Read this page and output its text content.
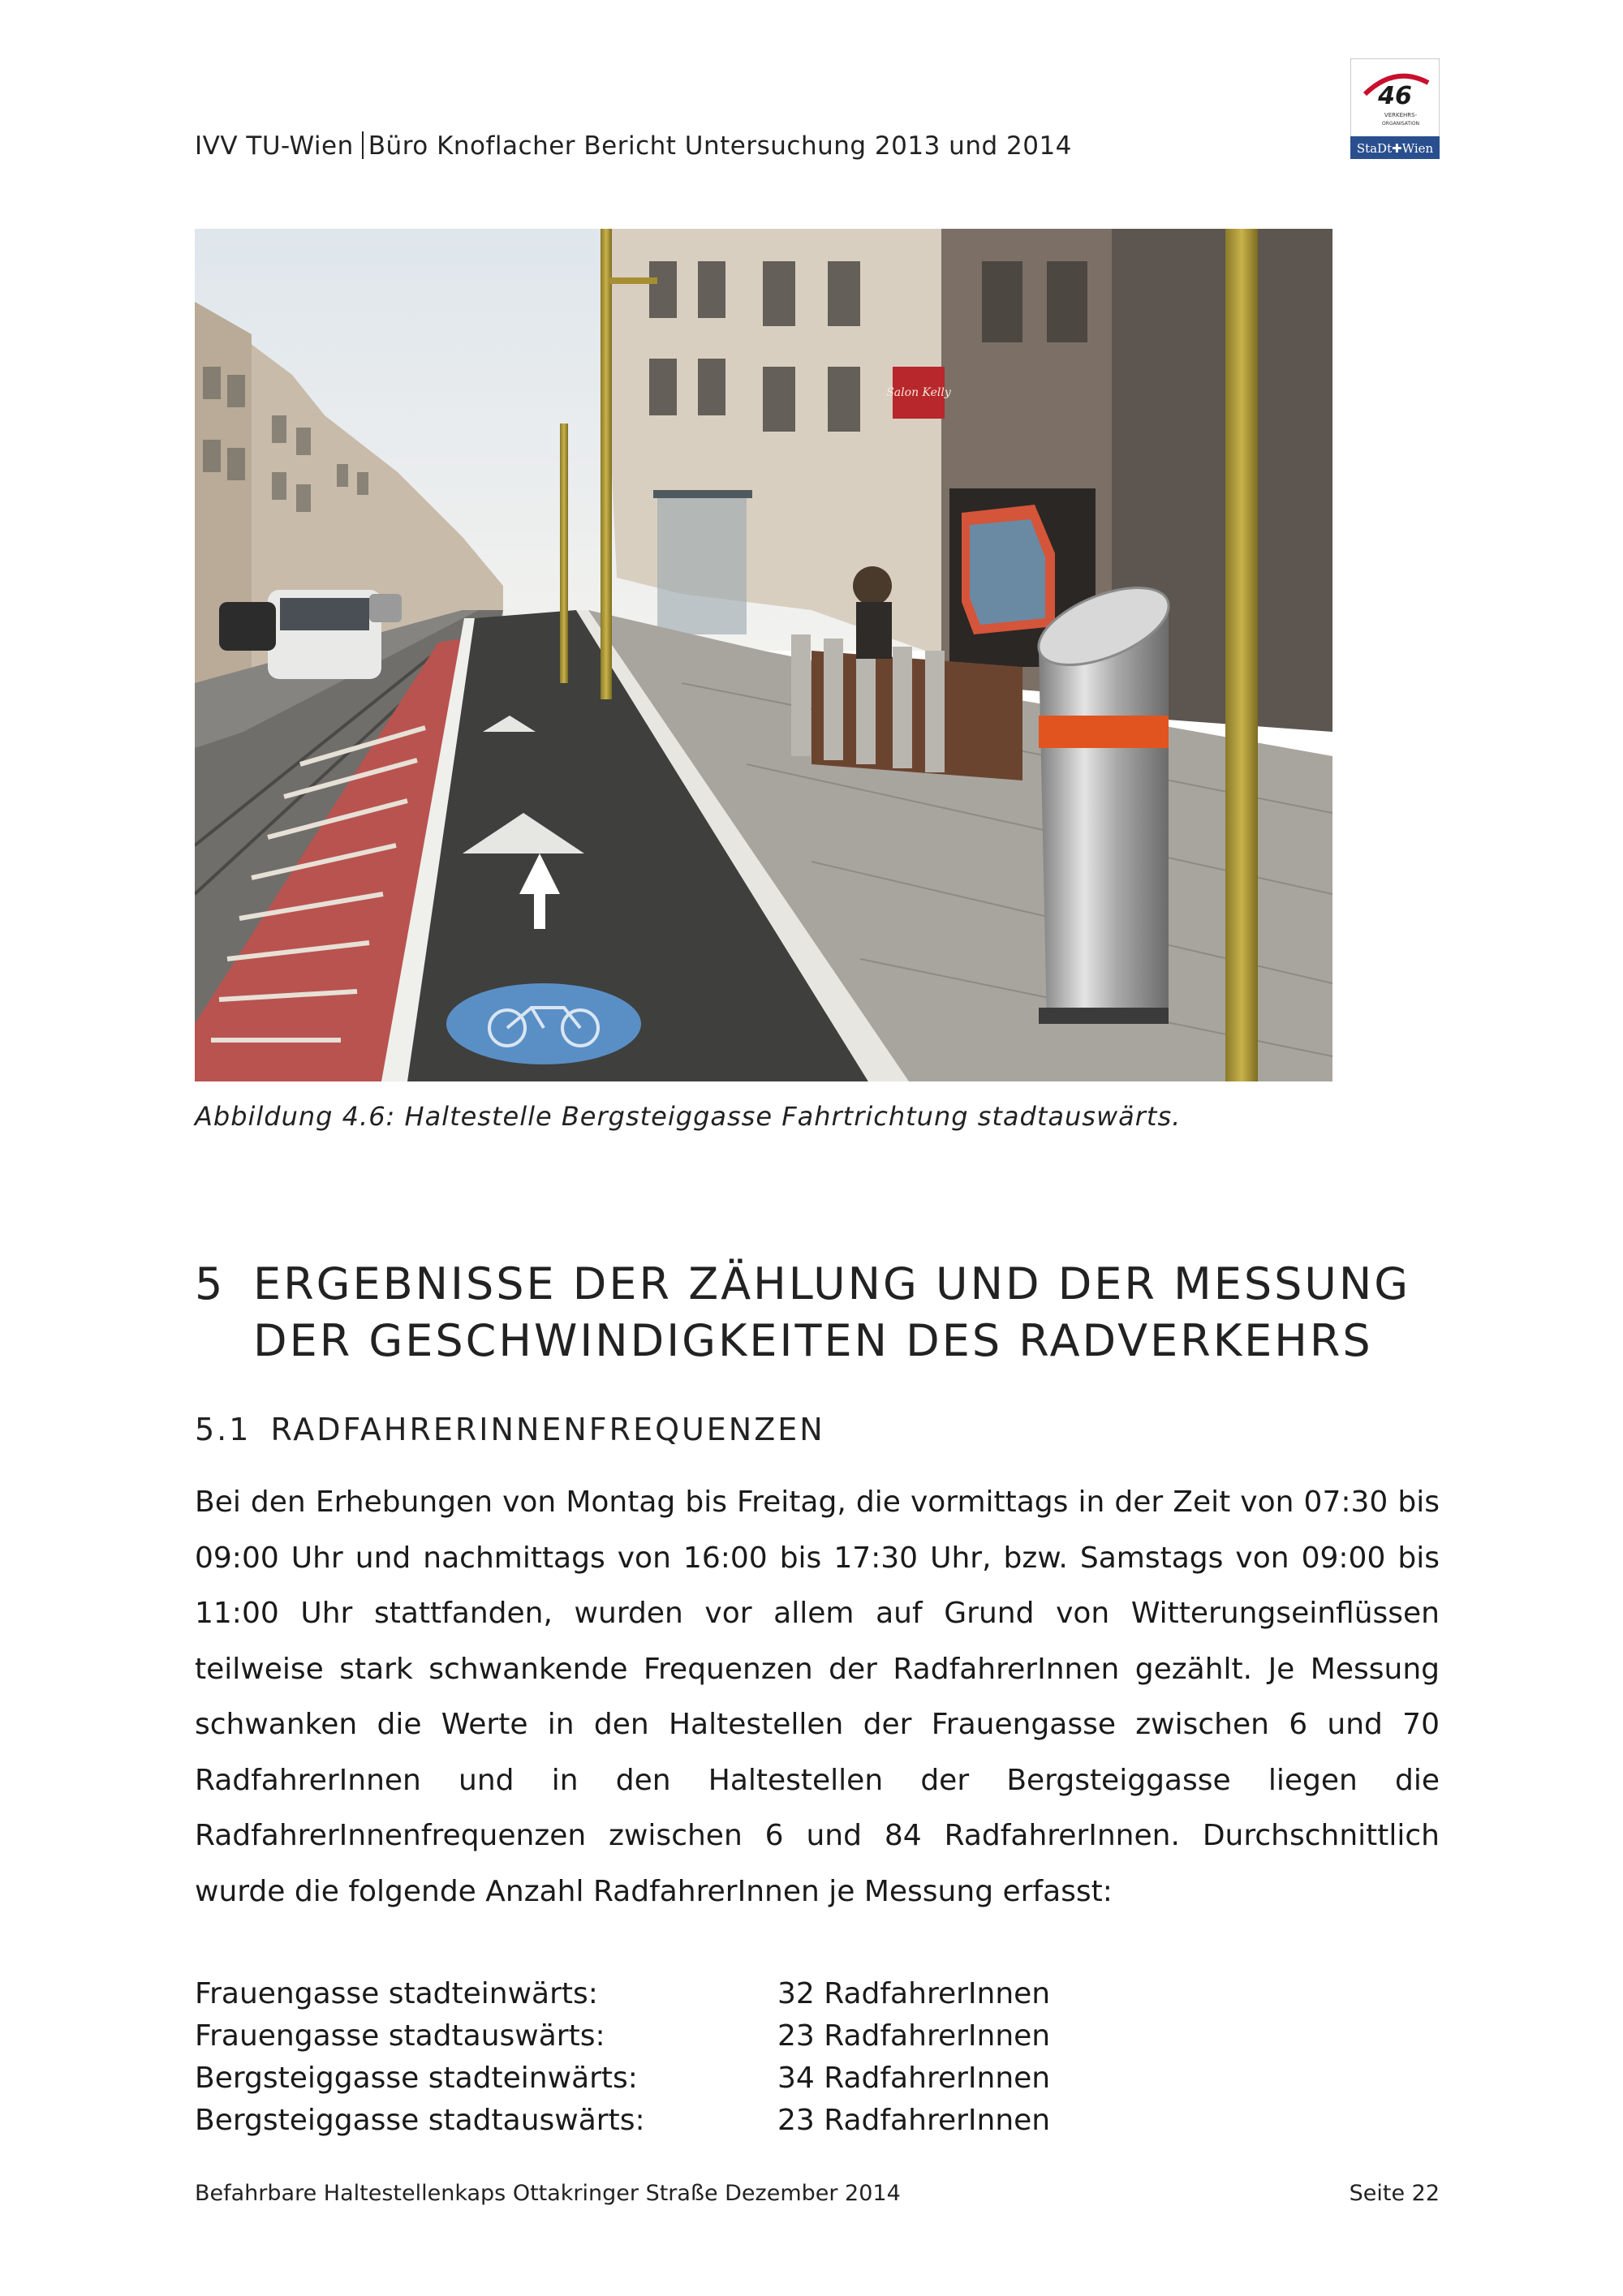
IVV TU-Wien Büro Knoflacher Bericht Untersuchung 2013 und 2014
46
VERKEHRS-
ORGANISATION
StaDt✚Wien
Salon Kelly
Abbildung 4.6: Haltestelle Bergsteiggasse Fahrtrichtung stadtauswärts.
5 ERGEBNISSE DER ZÄHLUNG UND DER MESSUNG DER GESCHWINDIGKEITEN DES RADVERKEHRS
5.1 RADFAHRERINNENFREQUENZEN
Bei den Erhebungen von Montag bis Freitag, die vormittags in der Zeit von 07:30 bis 09:00 Uhr und nachmittags von 16:00 bis 17:30 Uhr, bzw. Samstags von 09:00 bis 11:00 Uhr stattfanden, wurden vor allem auf Grund von Witterungseinflüssen teilweise stark schwankende Frequenzen der RadfahrerInnen gezählt. Je Messung schwanken die Werte in den Haltestellen der Frauengasse zwischen 6 und 70 RadfahrerInnen und in den Haltestellen der Bergsteiggasse liegen die RadfahrerInnenfrequenzen zwischen 6 und 84 RadfahrerInnen. Durchschnittlich wurde die folgende Anzahl RadfahrerInnen je Messung erfasst:
Frauengasse stadteinwärts:	32 RadfahrerInnen
Frauengasse stadtauswärts:	23 RadfahrerInnen
Bergsteiggasse stadteinwärts:	34 RadfahrerInnen
Bergsteiggasse stadtauswärts:	23 RadfahrerInnen
Befahrbare Haltestellenkaps Ottakringer Straße Dezember 2014	Seite 22
